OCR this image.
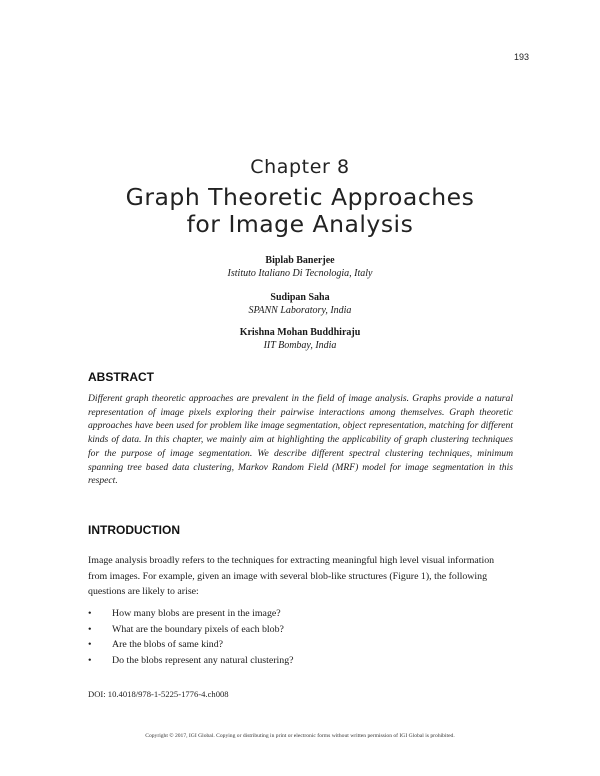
193
Chapter 8
Graph Theoretic Approaches
for Image Analysis
Biplab Banerjee
Istituto Italiano Di Tecnologia, Italy
Sudipan Saha
SPANN Laboratory, India
Krishna Mohan Buddhiraju
IIT Bombay, India
ABSTRACT

Different graph theoretic approaches are prevalent in the field of image analysis. Graphs provide a natural representation of image pixels exploring their pairwise interactions among themselves. Graph theoretic approaches have been used for problem like image segmentation, object representation, matching for different kinds of data. In this chapter, we mainly aim at highlighting the applicability of graph clustering techniques for the purpose of image segmentation. We describe different spectral clustering techniques, minimum spanning tree based data clustering, Markov Random Field (MRF) model for image segmentation in this respect.

INTRODUCTION

Image analysis broadly refers to the techniques for extracting meaningful high level visual information from images. For example, given an image with several blob-like structures (Figure 1), the following questions are likely to arise:

• How many blobs are present in the image?
• What are the boundary pixels of each blob?
• Are the blobs of same kind?
• Do the blobs represent any natural clustering?
DOI: 10.4018/978-1-5225-1776-4.ch008
Copyright © 2017, IGI Global. Copying or distributing in print or electronic forms without written permission of IGI Global is prohibited.
